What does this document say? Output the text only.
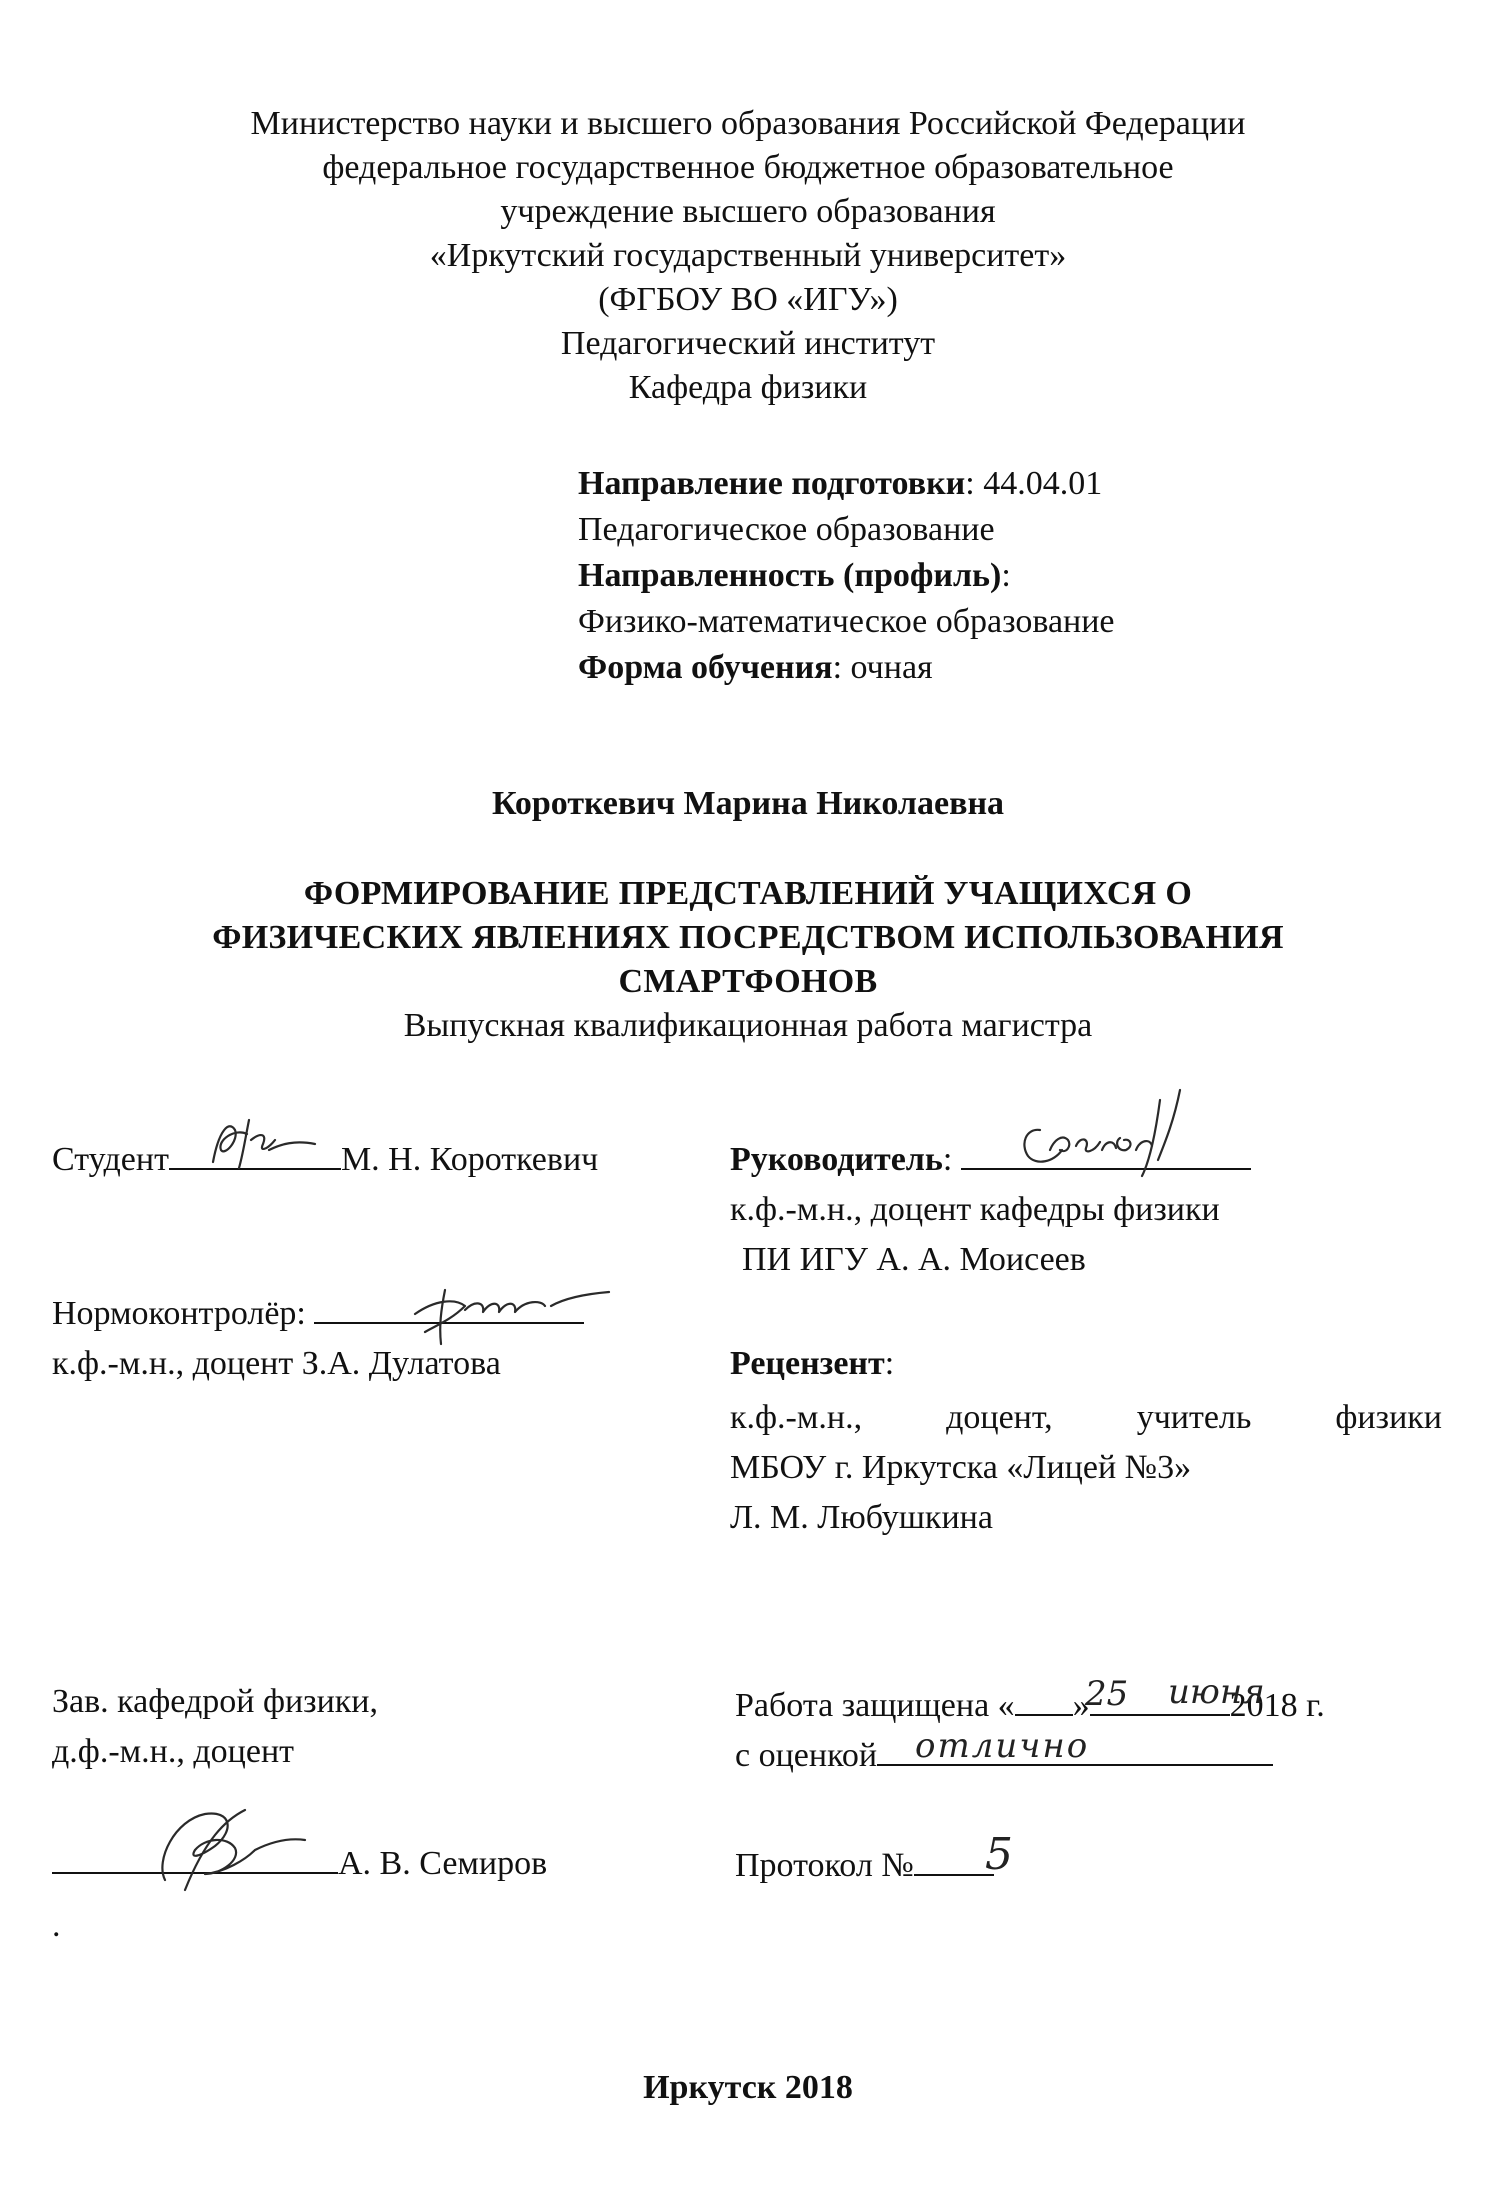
Министерство науки и высшего образования Российской Федерации
федеральное государственное бюджетное образовательное
учреждение высшего образования
«Иркутский государственный университет»
(ФГБОУ ВО «ИГУ»)
Педагогический институт
Кафедра физики
Направление подготовки: 44.04.01
Педагогическое образование
Направленность (профиль):
Физико-математическое образование
Форма обучения: очная
Короткевич Марина Николаевна
ФОРМИРОВАНИЕ ПРЕДСТАВЛЕНИЙ УЧАЩИХСЯ О
ФИЗИЧЕСКИХ ЯВЛЕНИЯХ ПОСРЕДСТВОМ ИСПОЛЬЗОВАНИЯ
СМАРТФОНОВ
Выпускная квалификационная работа магистра
Студент	М. Н. Короткевич	Руководитель:
к.ф.-м.н., доцент кафедры физики
ПИ ИГУ А. А. Моисеев
Нормоконтролёр:
к.ф.-м.н., доцент З.А. Дулатова	Рецензент:
к.ф.-м.н., доцент, учитель физики
МБОУ г. Иркутска «Лицей №3»
Л. М. Любушкина
Зав. кафедрой физики,
д.ф.-м.н., доцент
А. В. Семиров
Работа защищена « »	2018 г.
25 июня
с оценкой	отлично
Протокол №	5
.
Иркутск 2018
